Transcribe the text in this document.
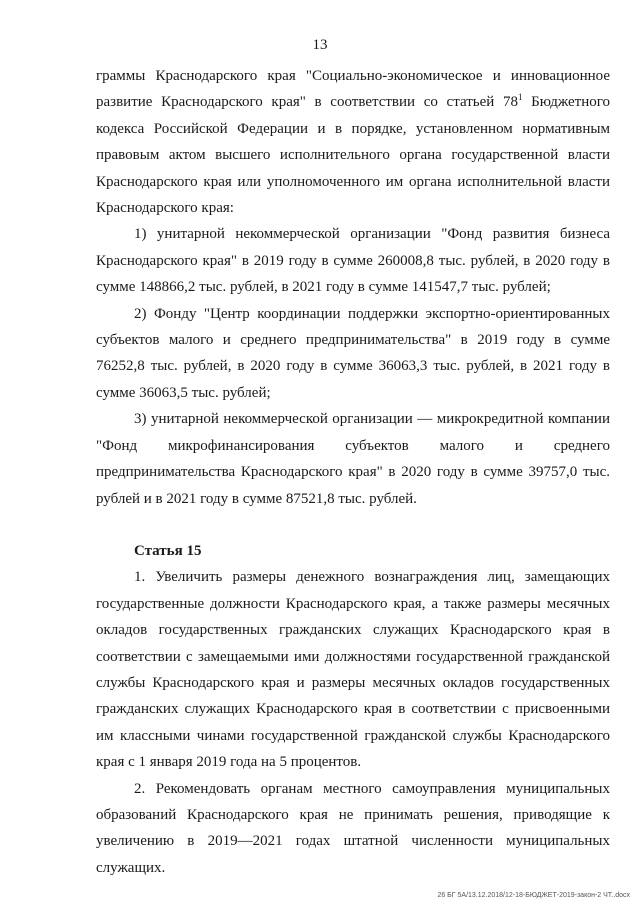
13

граммы Краснодарского края "Социально-экономическое и инновационное развитие Краснодарского края" в соответствии со статьей $78^1$ Бюджетного кодекса Российской Федерации и в порядке, установленном нормативным правовым актом высшего исполнительного органа государственной власти Краснодарского края или уполномоченного им органа исполнительной власти Краснодарского края:

1) унитарной некоммерческой организации "Фонд развития бизнеса Краснодарского края" в 2019 году в сумме 260008,8 тыс. рублей, в 2020 году в сумме 148866,2 тыс. рублей, в 2021 году в сумме 141547,7 тыс. рублей;

2) Фонду "Центр координации поддержки экспортно-ориентированных субъектов малого и среднего предпринимательства" в 2019 году в сумме 76252,8 тыс. рублей, в 2020 году в сумме 36063,3 тыс. рублей, в 2021 году в сумме 36063,5 тыс. рублей;

3) унитарной некоммерческой организации — микрокредитной компании "Фонд микрофинансирования субъектов малого и среднего предпринимательства Краснодарского края" в 2020 году в сумме 39757,0 тыс. рублей и в 2021 году в сумме 87521,8 тыс. рублей.

Статья 15

1. Увеличить размеры денежного вознаграждения лиц, замещающих государственные должности Краснодарского края, а также размеры месячных окладов государственных гражданских служащих Краснодарского края в соответствии с замещаемыми ими должностями государственной гражданской службы Краснодарского края и размеры месячных окладов государственных гражданских служащих Краснодарского края в соответствии с присвоенными им классными чинами государственной гражданской службы Краснодарского края с 1 января 2019 года на 5 процентов.

2. Рекомендовать органам местного самоуправления муниципальных образований Краснодарского края не принимать решения, приводящие к увеличению в 2019—2021 годах штатной численности муниципальных служащих.

26 БГ 5А/13.12.2018/12-18-БЮДЖЕТ-2019-закон-2 ЧТ..docx
